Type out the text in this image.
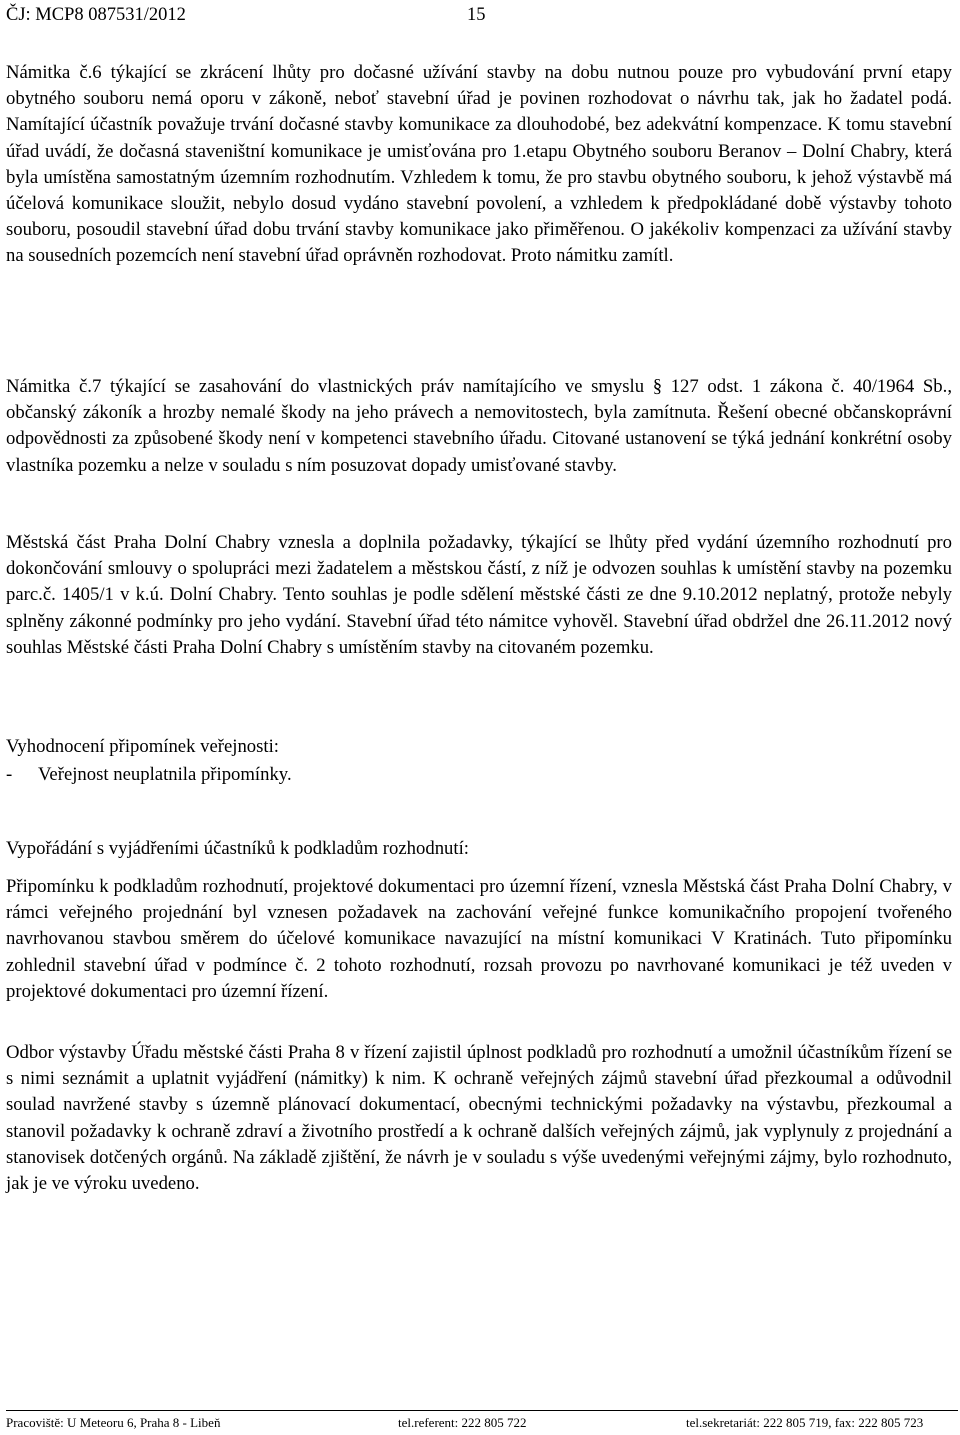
ČJ: MCP8 087531/2012	15

Námitka č.6 týkající se zkrácení lhůty pro dočasné užívání stavby na dobu nutnou pouze pro vybudování první etapy obytného souboru nemá oporu v zákoně, neboť stavební úřad je povinen rozhodovat o návrhu tak, jak ho žadatel podá. Namítající účastník považuje trvání dočasné stavby komunikace za dlouhodobé, bez adekvátní kompenzace. K tomu stavební úřad uvádí, že dočasná staveništní komunikace je umisťována pro 1.etapu Obytného souboru Beranov – Dolní Chabry, která byla umístěna samostatným územním rozhodnutím. Vzhledem k tomu, že pro stavbu obytného souboru, k jehož výstavbě má účelová komunikace sloužit, nebylo dosud vydáno stavební povolení, a vzhledem k předpokládané době výstavby tohoto souboru, posoudil stavební úřad dobu trvání stavby komunikace jako přiměřenou. O jakékoliv kompenzaci za užívání stavby na sousedních pozemcích není stavební úřad oprávněn rozhodovat. Proto námitku zamítl.

Námitka č.7 týkající se zasahování do vlastnických práv namítajícího ve smyslu § 127 odst. 1 zákona č. 40/1964 Sb., občanský zákoník a hrozby nemalé škody na jeho právech a nemovitostech, byla zamítnuta. Řešení obecné občanskoprávní odpovědnosti za způsobené škody není v kompetenci stavebního úřadu. Citované ustanovení se týká jednání konkrétní osoby vlastníka pozemku a nelze v souladu s ním posuzovat dopady umisťované stavby.

Městská část Praha Dolní Chabry vznesla a doplnila požadavky, týkající se lhůty před vydání územního rozhodnutí pro dokončování smlouvy o spolupráci mezi žadatelem a městskou částí, z níž je odvozen souhlas k umístění stavby na pozemku parc.č. 1405/1 v k.ú. Dolní Chabry. Tento souhlas je podle sdělení městské části ze dne 9.10.2012 neplatný, protože nebyly splněny zákonné podmínky pro jeho vydání. Stavební úřad této námitce vyhověl. Stavební úřad obdržel dne 26.11.2012 nový souhlas Městské části Praha Dolní Chabry s umístěním stavby na citovaném pozemku.

Vyhodnocení připomínek veřejnosti:
- Veřejnost neuplatnila připomínky.
Vypořádání s vyjádřeními účastníků k podkladům rozhodnutí:

Připomínku k podkladům rozhodnutí, projektové dokumentaci pro územní řízení, vznesla Městská část Praha Dolní Chabry, v rámci veřejného projednání byl vznesen požadavek na zachování veřejné funkce komunikačního propojení tvořeného navrhovanou stavbou směrem do účelové komunikace navazující na místní komunikaci V Kratinách. Tuto připomínku zohlednil stavební úřad v podmínce č. 2 tohoto rozhodnutí, rozsah provozu po navrhované komunikaci je též uveden v projektové dokumentaci pro územní řízení.

Odbor výstavby Úřadu městské části Praha 8 v řízení zajistil úplnost podkladů pro rozhodnutí a umožnil účastníkům řízení se s nimi seznámit a uplatnit vyjádření (námitky) k nim. K ochraně veřejných zájmů stavební úřad přezkoumal a odůvodnil soulad navržené stavby s územně plánovací dokumentací, obecnými technickými požadavky na výstavbu, přezkoumal a stanovil požadavky k ochraně zdraví a životního prostředí a k ochraně dalších veřejných zájmů, jak vyplynuly z projednání a stanovisek dotčených orgánů. Na základě zjištění, že návrh je v souladu s výše uvedenými veřejnými zájmy, bylo rozhodnuto, jak je ve výroku uvedeno.

Pracoviště: U Meteoru 6, Praha 8 - Libeň	tel.referent: 222 805 722	tel.sekretariát: 222 805 719, fax: 222 805 723
